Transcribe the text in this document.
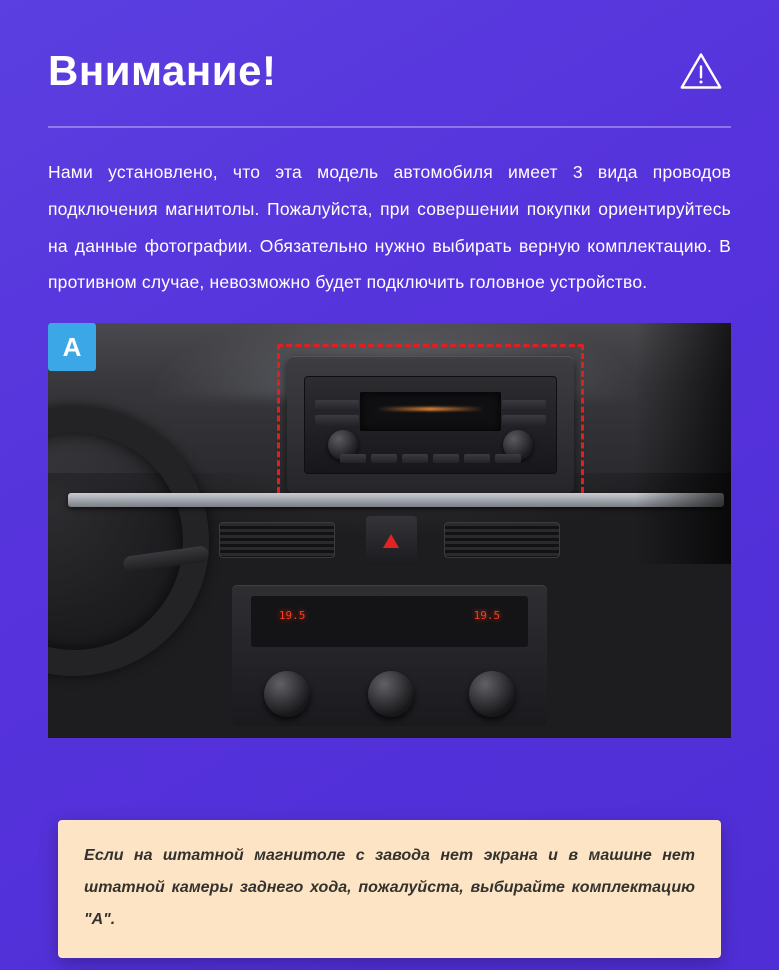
Внимание!

Нами установлено, что эта модель автомобиля имеет 3 вида проводов подключения магнитолы. Пожалуйста, при совершении покупки ориентируйтесь на данные фотографии. Обязательно нужно выбирать верную комплектацию. В противном случае, невозможно будет подключить головное устройство.

19.5	19.5
A
Если на штатной магнитоле с завода нет экрана и в машине нет штатной камеры заднего хода, пожалуйста, выбирайте комплектацию "A".
